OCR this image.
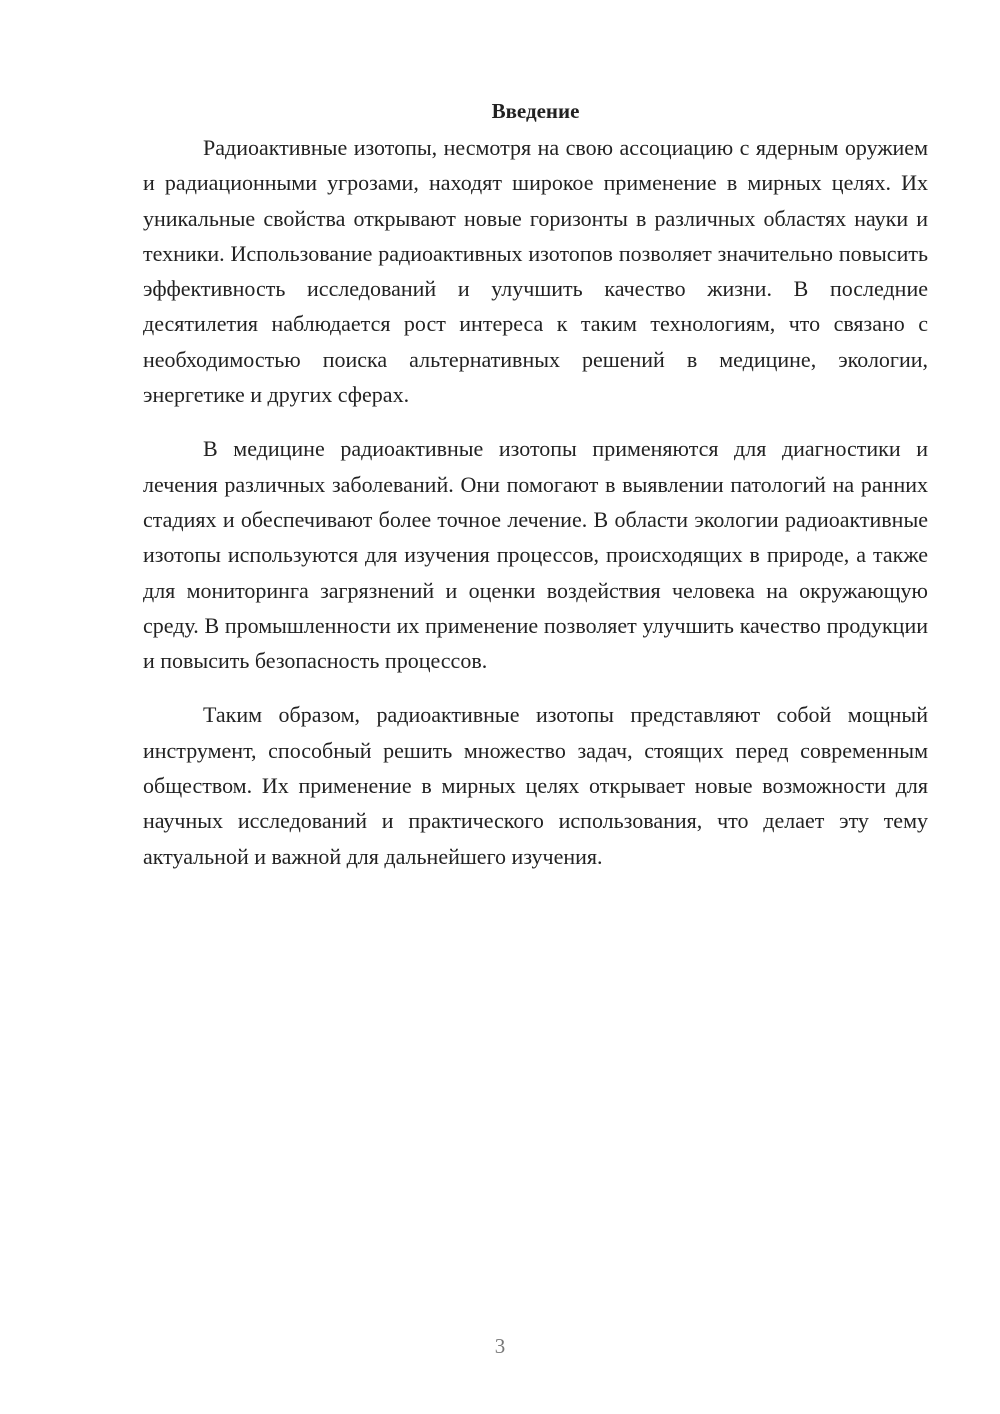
Введение

Радиоактивные изотопы, несмотря на свою ассоциацию с ядерным оружием и радиационными угрозами, находят широкое применение в мирных целях. Их уникальные свойства открывают новые горизонты в различных областях науки и техники. Использование радиоактивных изотопов позволяет значительно повысить эффективность исследований и улучшить качество жизни. В последние десятилетия наблюдается рост интереса к таким технологиям, что связано с необходимостью поиска альтернативных решений в медицине, экологии, энергетике и других сферах.

В медицине радиоактивные изотопы применяются для диагностики и лечения различных заболеваний. Они помогают в выявлении патологий на ранних стадиях и обеспечивают более точное лечение. В области экологии радиоактивные изотопы используются для изучения процессов, происходящих в природе, а также для мониторинга загрязнений и оценки воздействия человека на окружающую среду. В промышленности их применение позволяет улучшить качество продукции и повысить безопасность процессов.

Таким образом, радиоактивные изотопы представляют собой мощный инструмент, способный решить множество задач, стоящих перед современным обществом. Их применение в мирных целях открывает новые возможности для научных исследований и практического использования, что делает эту тему актуальной и важной для дальнейшего изучения.

3
